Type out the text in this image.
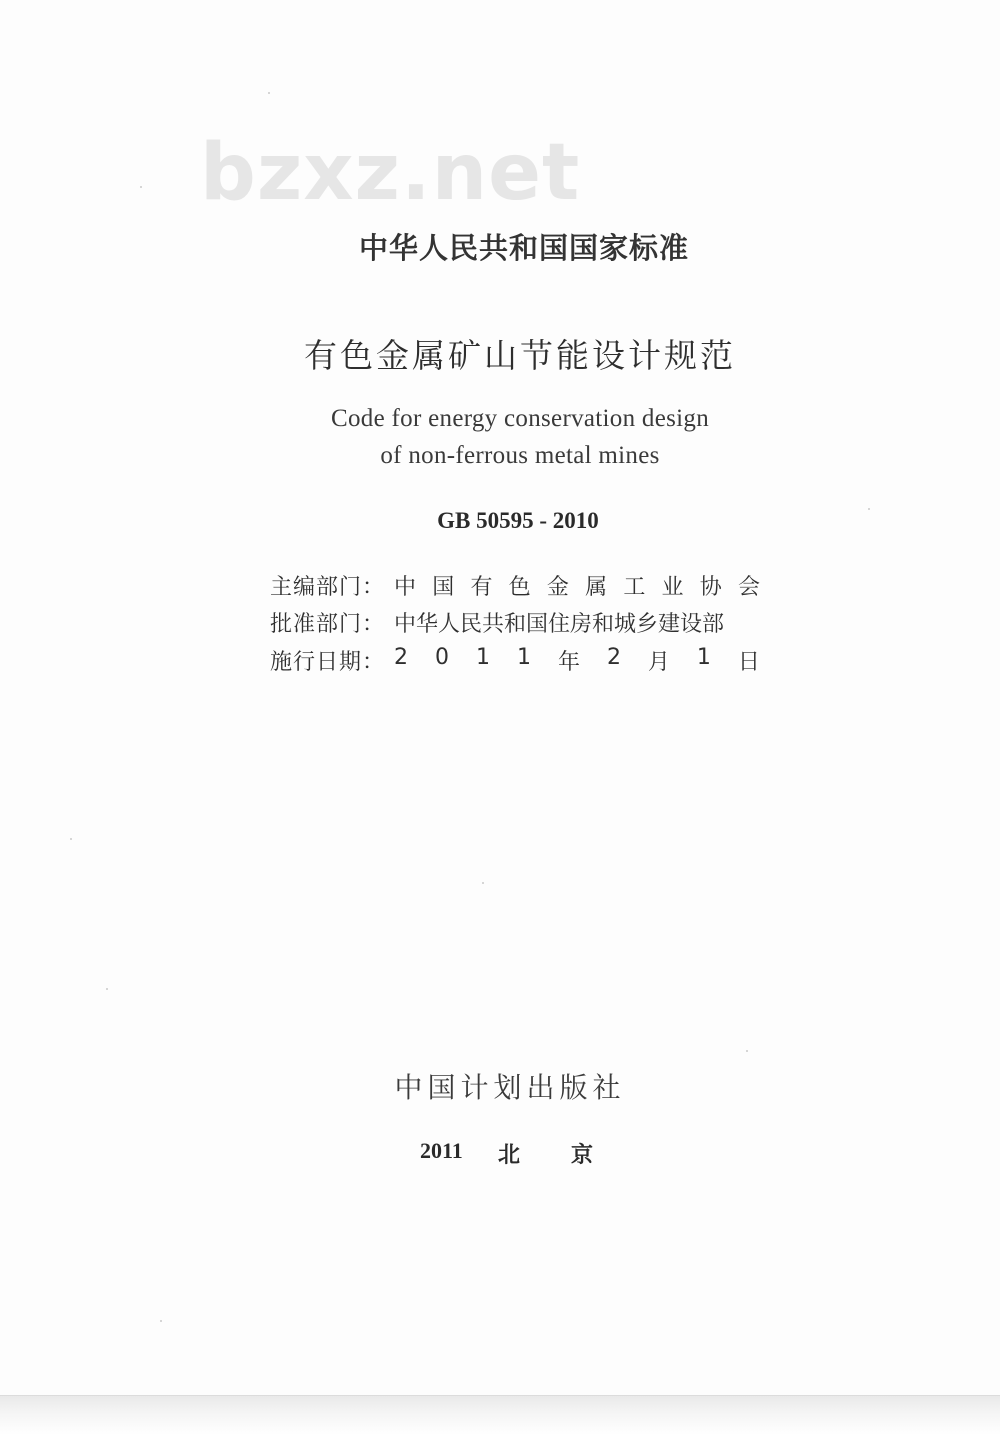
bzxz.net
中华人民共和国国家标准
有色金属矿山节能设计规范
Code for energy conservation design
of non-ferrous metal mines
GB 50595 - 2010
主编部门： 中 国 有 色 金 属 工 业 协 会
批准部门： 中华人民共和国住房和城乡建设部
施行日期： 2 0 1 1 年 2 月 1 日
中国计划出版社
2011 北 京
